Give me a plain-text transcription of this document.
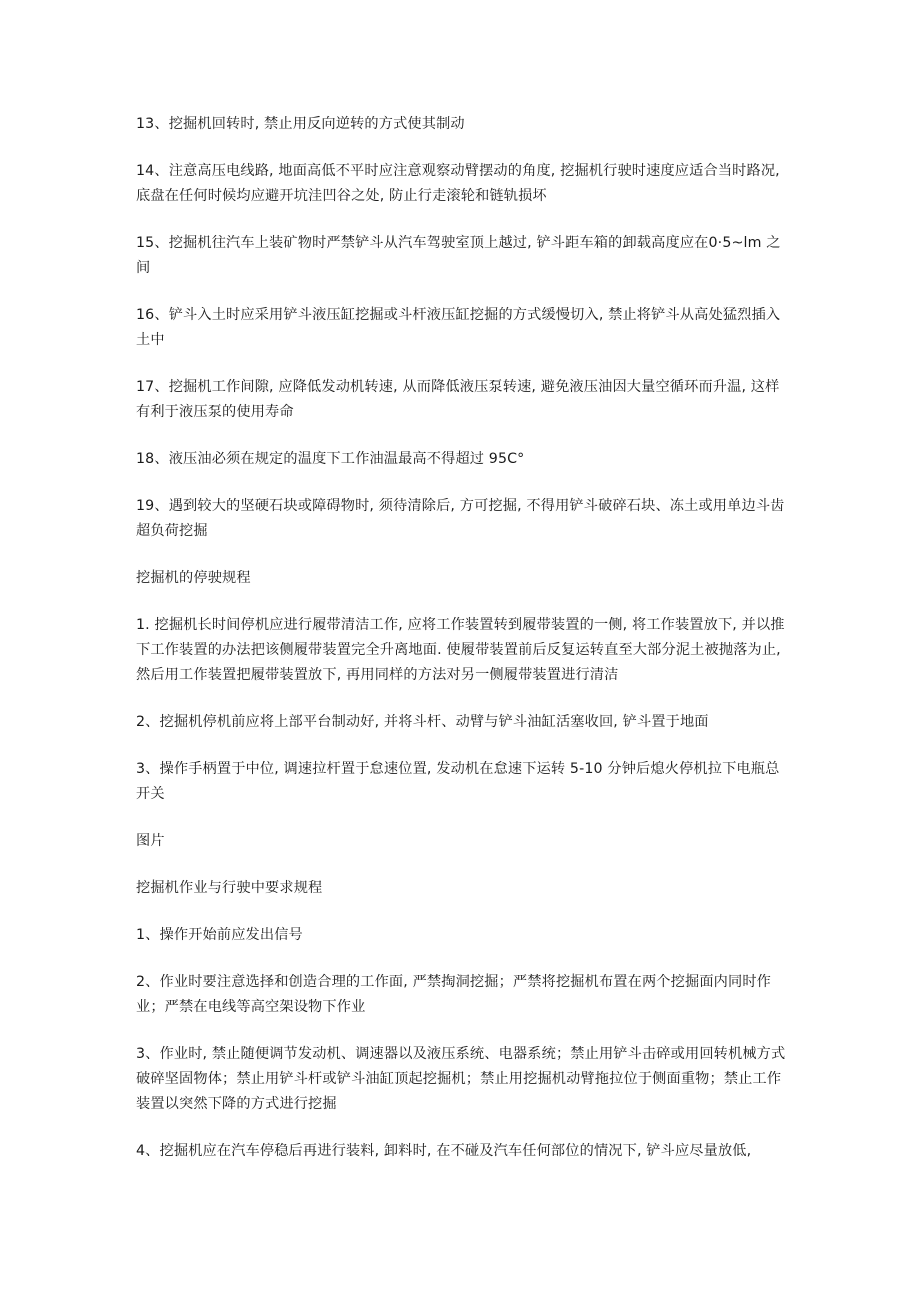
13、挖掘机回转时, 禁止用反向逆转的方式使其制动

14、注意高压电线路, 地面高低不平时应注意观察动臂摆动的角度, 挖掘机行驶时速度应适合当时路况, 底盘在任何时候均应避开坑洼凹谷之处, 防止行走滚轮和链轨损坏

15、挖掘机往汽车上装矿物时严禁铲斗从汽车驾驶室顶上越过, 铲斗距车箱的卸载高度应在0·5~lm 之间

16、铲斗入土时应采用铲斗液压缸挖掘或斗杆液压缸挖掘的方式缓慢切入, 禁止将铲斗从高处猛烈插入土中

17、挖掘机工作间隙, 应降低发动机转速, 从而降低液压泵转速, 避免液压油因大量空循环而升温, 这样有利于液压泵的使用寿命

18、液压油必须在规定的温度下工作油温最高不得超过 95C°

19、遇到较大的坚硬石块或障碍物时, 须待清除后, 方可挖掘, 不得用铲斗破碎石块、冻土或用单边斗齿超负荷挖掘

挖掘机的停驶规程

1. 挖掘机长时间停机应进行履带清洁工作, 应将工作装置转到履带装置的一侧, 将工作装置放下, 并以推下工作装置的办法把该侧履带装置完全升离地面. 使履带装置前后反复运转直至大部分泥土被抛落为止, 然后用工作装置把履带装置放下, 再用同样的方法对另一侧履带装置进行清洁

2、挖掘机停机前应将上部平台制动好, 并将斗杆、动臂与铲斗油缸活塞收回, 铲斗置于地面

3、操作手柄置于中位, 调速拉杆置于怠速位置, 发动机在怠速下运转 5-10 分钟后熄火停机拉下电瓶总开关

图片

挖掘机作业与行驶中要求规程

1、操作开始前应发出信号

2、作业时要注意选择和创造合理的工作面, 严禁掏洞挖掘；严禁将挖掘机布置在两个挖掘面内同时作业；严禁在电线等高空架设物下作业

3、作业时, 禁止随便调节发动机、调速器以及液压系统、电器系统；禁止用铲斗击碎或用回转机械方式破碎坚固物体；禁止用铲斗杆或铲斗油缸顶起挖掘机；禁止用挖掘机动臂拖拉位于侧面重物；禁止工作装置以突然下降的方式进行挖掘

4、挖掘机应在汽车停稳后再进行装料, 卸料时, 在不碰及汽车任何部位的情况下, 铲斗应尽量放低,
